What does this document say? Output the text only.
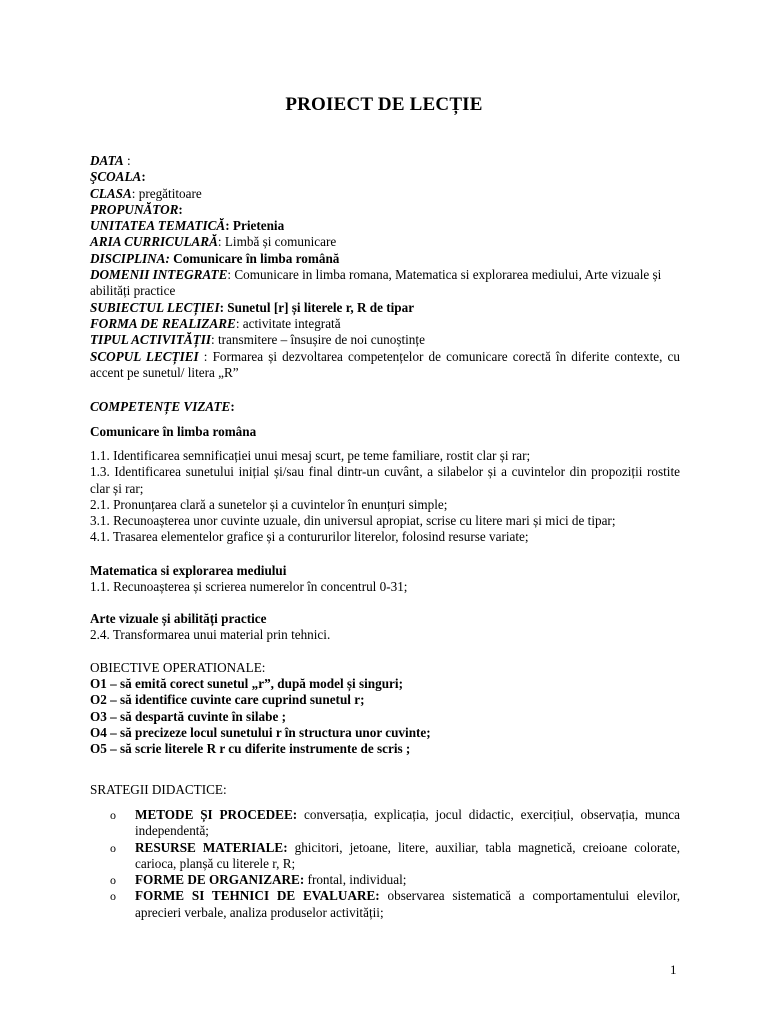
PROIECT DE LECȚIE
DATA :
ŞCOALA:
CLASA: pregătitoare
PROPUNĂTOR:
UNITATEA TEMATICĂ: Prietenia
ARIA CURRICULARĂ: Limbă și comunicare
DISCIPLINA: Comunicare în limba română
DOMENII INTEGRATE: Comunicare in limba romana, Matematica si explorarea mediului, Arte vizuale și abilități practice
SUBIECTUL LECȚIEI: Sunetul [r] și literele r, R de tipar
FORMA DE REALIZARE: activitate integrată
TIPUL ACTIVITĂȚII: transmitere – însușire de noi cunoștințe
SCOPUL LECȚIEI : Formarea și dezvoltarea competențelor de comunicare corectă în diferite contexte, cu accent pe sunetul/ litera „R”
COMPETENȚE VIZATE:
Comunicare în limba româna
1.1. Identificarea semnificației unui mesaj scurt, pe teme familiare, rostit clar și rar;
1.3. Identificarea sunetului inițial și/sau final dintr-un cuvânt, a silabelor și a cuvintelor din propoziții rostite clar și rar;
2.1. Pronunțarea clară a sunetelor și a cuvintelor în enunțuri simple;
3.1. Recunoașterea unor cuvinte uzuale, din universul apropiat, scrise cu litere mari și mici de tipar;
4.1. Trasarea elementelor grafice și a contururilor literelor, folosind resurse variate;
Matematica si explorarea mediului
1.1. Recunoașterea și scrierea numerelor în concentrul 0-31;
Arte vizuale și abilități practice
2.4. Transformarea unui material prin tehnici.
OBIECTIVE OPERATIONALE:
O1 – să emită corect sunetul „r”, după model și singuri;
O2 – să identifice cuvinte care cuprind sunetul r;
O3 – să despartă cuvinte în silabe ;
O4 – să precizeze locul sunetului r în structura unor cuvinte;
O5 – să scrie literele R r cu diferite instrumente de scris ;
SRATEGII DIDACTICE:
o METODE ȘI PROCEDEE: conversația, explicația, jocul didactic, exercițiul, observația, munca independentă;
o RESURSE MATERIALE: ghicitori, jetoane, litere, auxiliar, tabla magnetică, creioane colorate, carioca, planșă cu literele r, R;
o FORME DE ORGANIZARE: frontal, individual;
o FORME SI TEHNICI DE EVALUARE: observarea sistematică a comportamentului elevilor, aprecieri verbale, analiza produselor activității;
1
